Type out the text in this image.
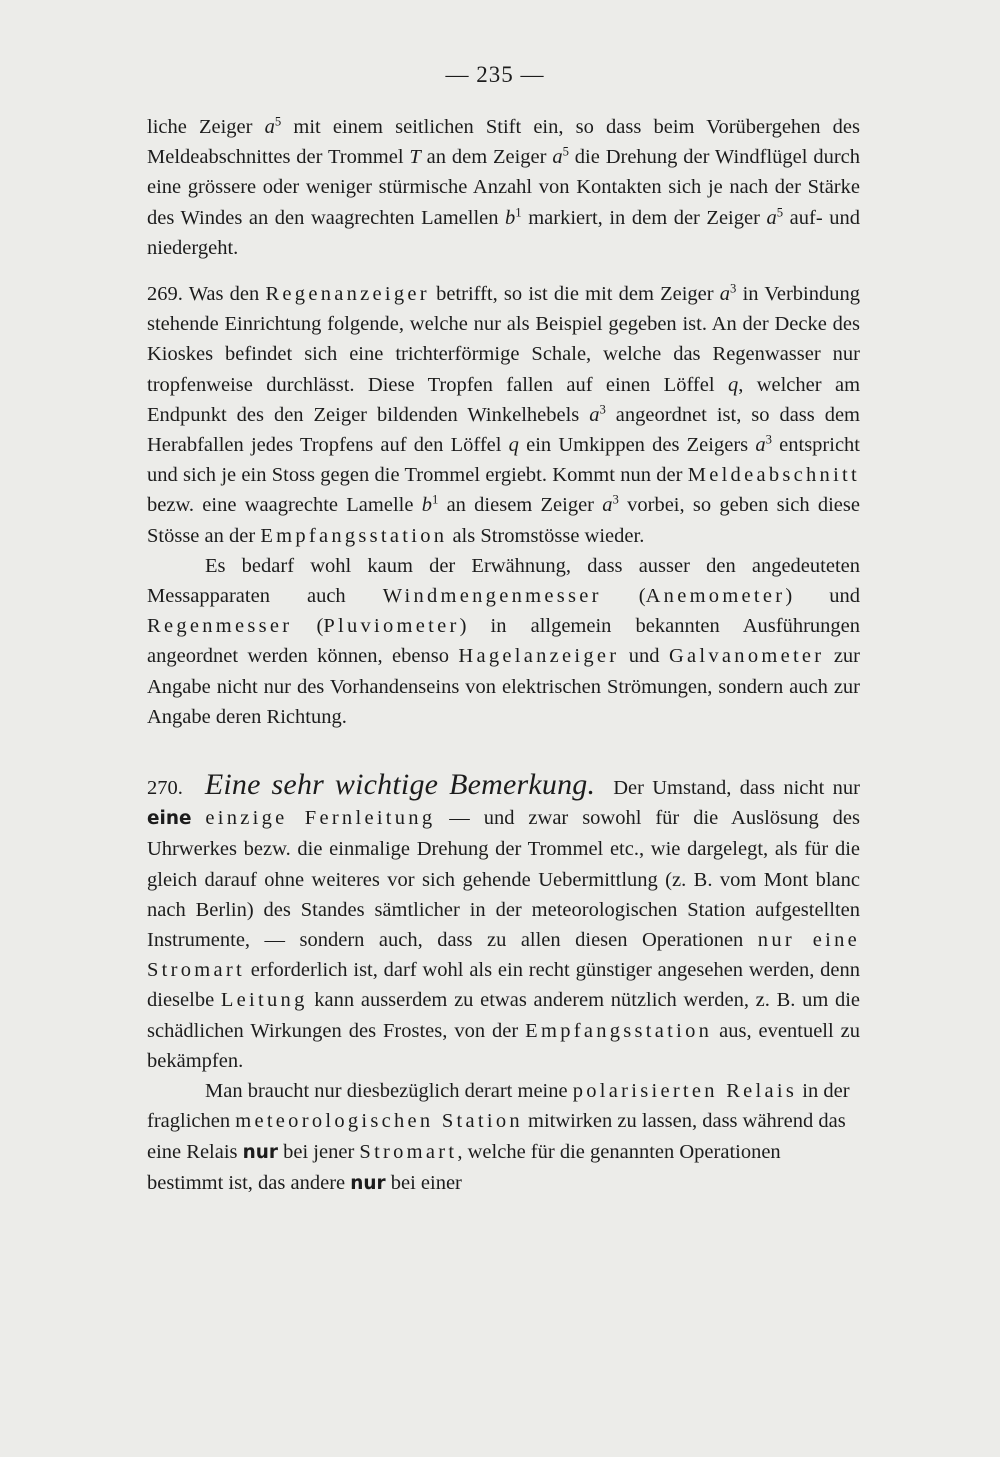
— 235 —

liche Zeiger $a^5$ mit einem seitlichen Stift ein, so dass beim Vorübergehen des Meldeabschnittes der Trommel T an dem Zeiger $a^5$ die Drehung der Windflügel durch eine grössere oder weniger stürmische Anzahl von Kontakten sich je nach der Stärke des Windes an den waagrechten Lamellen $b^1$ markiert, in dem der Zeiger $a^5$ auf- und niedergeht.

269. Was den Regenanzeiger betrifft, so ist die mit dem Zeiger $a^3$ in Verbindung stehende Einrichtung folgende, welche nur als Beispiel gegeben ist. An der Decke des Kioskes befindet sich eine trichterförmige Schale, welche das Regenwasser nur tropfenweise durchlässt. Diese Tropfen fallen auf einen Löffel q, welcher am Endpunkt des den Zeiger bildenden Winkelhebels $a^3$ angeordnet ist, so dass dem Herabfallen jedes Tropfens auf den Löffel q ein Umkippen des Zeigers $a^3$ entspricht und sich je ein Stoss gegen die Trommel ergiebt. Kommt nun der Meldeabschnitt bezw. eine waagrechte Lamelle $b^1$ an diesem Zeiger $a^3$ vorbei, so geben sich diese Stösse an der Empfangsstation als Stromstösse wieder.

Es bedarf wohl kaum der Erwähnung, dass ausser den angedeuteten Messapparaten auch Windmengenmesser (Anemometer) und Regenmesser (Pluviometer) in allgemein bekannten Ausführungen angeordnet werden können, ebenso Hagelanzeiger und Galvanometer zur Angabe nicht nur des Vorhandenseins von elektrischen Strömungen, sondern auch zur Angabe deren Richtung.

270. Eine sehr wichtige Bemerkung. Der Umstand, dass nicht nur eine einzige Fernleitung — und zwar sowohl für die Auslösung des Uhrwerkes bezw. die einmalige Drehung der Trommel etc., wie dargelegt, als für die gleich darauf ohne weiteres vor sich gehende Uebermittlung (z. B. vom Mont blanc nach Berlin) des Standes sämtlicher in der meteorologischen Station aufgestellten Instrumente, — sondern auch, dass zu allen diesen Operationen nur eine Stromart erforderlich ist, darf wohl als ein recht günstiger angesehen werden, denn dieselbe Leitung kann ausserdem zu etwas anderem nützlich werden, z. B. um die schädlichen Wirkungen des Frostes, von der Empfangsstation aus, eventuell zu bekämpfen.

Man braucht nur diesbezüglich derart meine polarisierten Relais in der fraglichen meteorologischen Station mitwirken zu lassen, dass während das eine Relais nur bei jener Stromart, welche für die genannten Operationen bestimmt ist, das andere nur bei einer
